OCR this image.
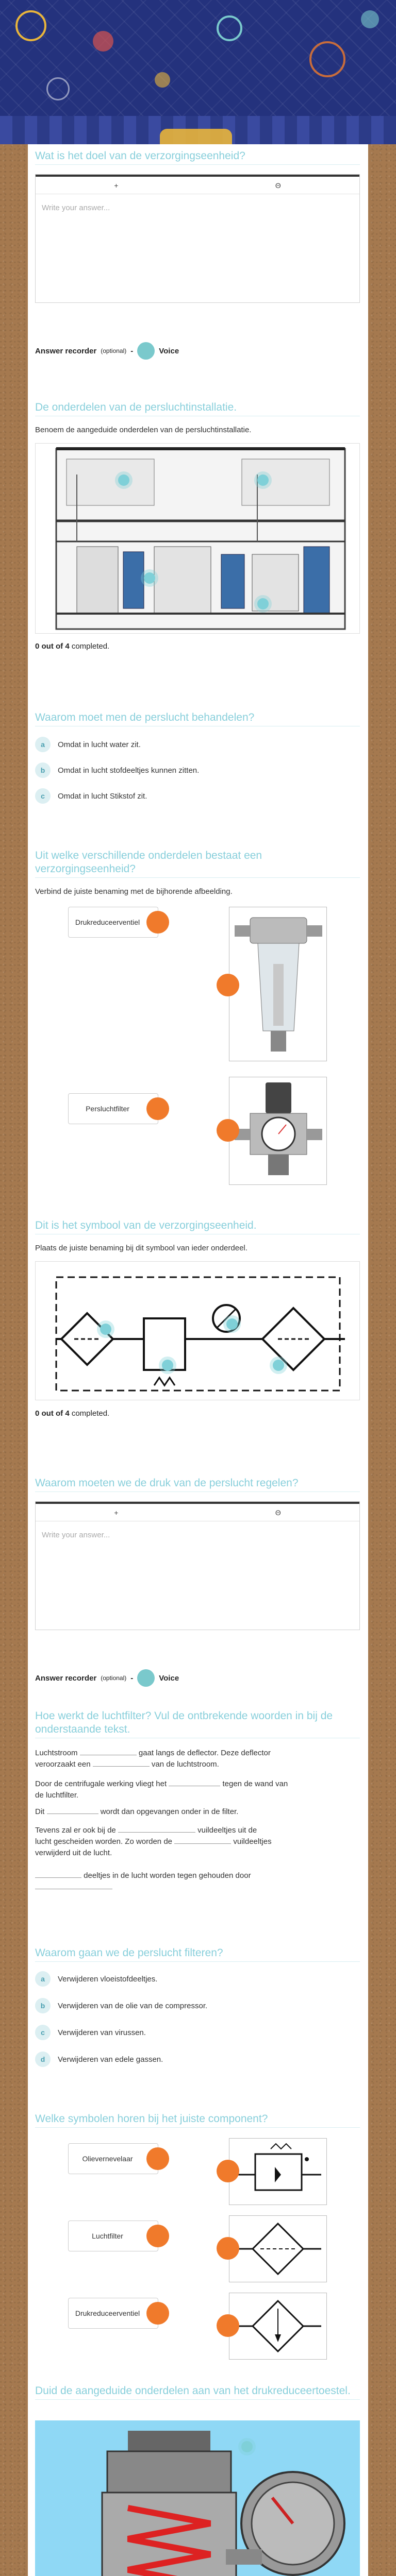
Wat is het doel van de verzorgingseenheid?
+	Θ
Write your answer...
Answer recorder (optional) -	Voice
De onderdelen van de persluchtinstallatie.
Benoem de aangeduide onderdelen van de persluchtinstallatie.
0 out of 4 completed.
Waarom moet men de perslucht behandelen?
a	Omdat in lucht water zit.
b	Omdat in lucht stofdeeltjes kunnen zitten.
c	Omdat in lucht Stikstof zit.
Uit welke verschillende onderdelen bestaat een verzorgingseenheid?
Verbind de juiste benaming met de bijhorende afbeelding.
Drukreduceerventiel
Persluchtfilter
Dit is het symbool van de verzorgingseenheid.
Plaats de juiste benaming bij dit symbool van ieder onderdeel.
0 out of 4 completed.
Waarom moeten we de druk van de perslucht regelen?
+	Θ
Write your answer...
Answer recorder (optional) -	Voice
Hoe werkt de luchtfilter? Vul de ontbrekende woorden in bij de onderstaande tekst.
Luchtstroom	gaat langs de deflector. Deze deflector
veroorzaakt een	van de luchtstroom.
Door de centrifugale werking vliegt het	tegen de wand van
de luchtfilter.
Dit	wordt dan opgevangen onder in de filter.
Tevens zal er ook bij de	vuildeeltjes uit de
lucht gescheiden worden. Zo worden de	vuildeeltjes
verwijderd uit de lucht.
deeltjes in de lucht worden tegen gehouden door

Waarom gaan we de perslucht filteren?
a	Verwijderen vloeistofdeeltjes.
b	Verwijderen van de olie van de compressor.
c	Verwijderen van virussen.
d	Verwijderen van edele gassen.
Welke symbolen horen bij het juiste component?
Olievernevelaar
Luchtfilter
Drukreduceerventiel
Duid de aangeduide onderdelen aan van het drukreduceertoestel.
